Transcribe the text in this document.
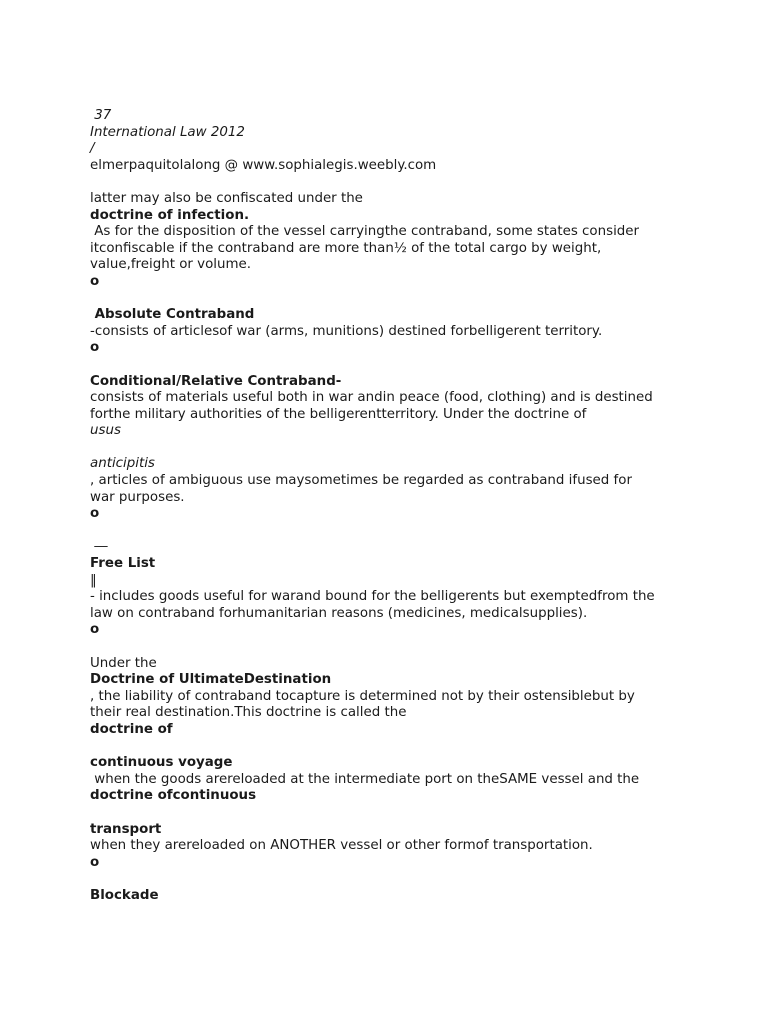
37
International Law 2012
/
elmerpaquitolalong @ www.sophialegis.weebly.com
latter may also be confiscated under the
doctrine of infection.
As for the disposition of the vessel carryingthe contraband, some states consider
itconfiscable if the contraband are more than½ of the total cargo by weight,
value,freight or volume.
o
Absolute Contraband
-consists of articlesof war (arms, munitions) destined forbelligerent territory.
o
Conditional/Relative Contraband-
consists of materials useful both in war andin peace (food, clothing) and is destined
forthe military authorities of the belligerentterritory. Under the doctrine of
usus
anticipitis
, articles of ambiguous use maysometimes be regarded as contraband ifused for
war purposes.
o
―
Free List
‖
- includes goods useful for warand bound for the belligerents but exemptedfrom the
law on contraband forhumanitarian reasons (medicines, medicalsupplies).
o
Under the
Doctrine of UltimateDestination
, the liability of contraband tocapture is determined not by their ostensiblebut by
their real destination.This doctrine is called the
doctrine of
continuous voyage
when the goods arereloaded at the intermediate port on theSAME vessel and the
doctrine ofcontinuous
transport
when they arereloaded on ANOTHER vessel or other formof transportation.
o
Blockade
